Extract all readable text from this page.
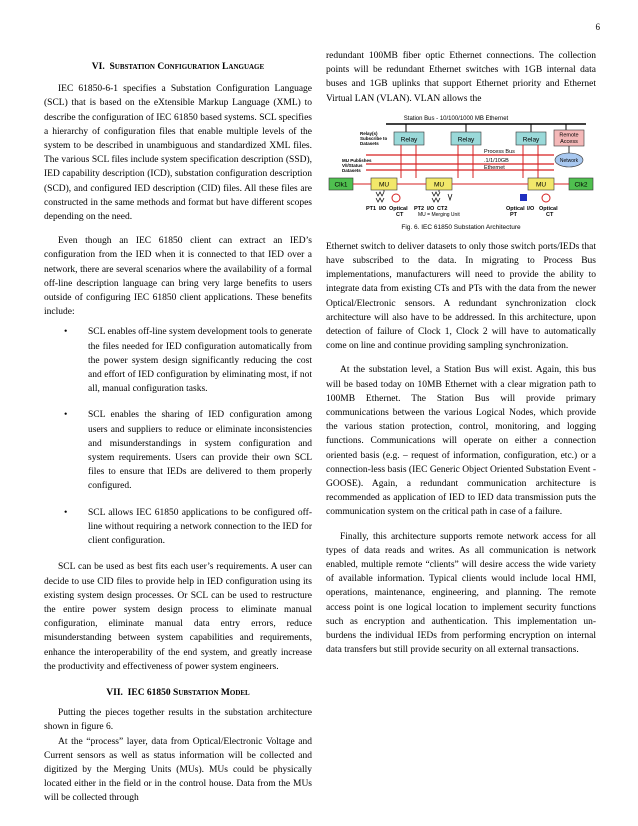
6
VI. Substation Configuration Language

IEC 61850-6-1 specifies a Substation Configuration Language (SCL) that is based on the eXtensible Markup Language (XML) to describe the configuration of IEC 61850 based systems. SCL specifies a hierarchy of configuration files that enable multiple levels of the system to be described in unambiguous and standardized XML files. The various SCL files include system specification description (SSD), IED capability description (ICD), substation configuration description (SCD), and configured IED description (CID) files. All these files are constructed in the same methods and format but have different scopes depending on the need.

Even though an IEC 61850 client can extract an IED’s configuration from the IED when it is connected to that IED over a network, there are several scenarios where the availability of a formal off-line description language can bring very large benefits to users outside of configuring IEC 61850 client applications. These benefits include:

• SCL enables off-line system development tools to generate the files needed for IED configuration automatically from the power system design significantly reducing the cost and effort of IED configuration by eliminating most, if not all, manual configuration tasks.
• SCL enables the sharing of IED configuration among users and suppliers to reduce or eliminate inconsistencies and misunderstandings in system configuration and system requirements. Users can provide their own SCL files to ensure that IEDs are delivered to them properly configured.
• SCL allows IEC 61850 applications to be configured off-line without requiring a network connection to the IED for client configuration.

SCL can be used as best fits each user’s requirements. A user can decide to use CID files to provide help in IED configuration using its existing system design processes. Or SCL can be used to restructure the entire power system design process to eliminate manual configuration, eliminate manual data entry errors, reduce misunderstanding between system capabilities and requirements, enhance the interoperability of the end system, and greatly increase the productivity and effectiveness of power system engineers.

VII. IEC 61850 Substation Model

Putting the pieces together results in the substation architecture shown in figure 6.

At the “process” layer, data from Optical/Electronic Voltage and Current sensors as well as status information will be collected and digitized by the Merging Units (MUs). MUs could be physically located either in the field or in the control house. Data from the MUs will be collected through

redundant 100MB fiber optic Ethernet connections. The collection points will be redundant Ethernet switches with 1GB internal data buses and 1GB uplinks that support Ethernet priority and Ethernet Virtual LAN (VLAN). VLAN allows the

Station Bus - 10/100/1000 MB Ethernet
Relay	Relay	Relay
Remote
Access
Relay(s)
Subscribe to
Datasets
MU Publishes
V/I/Status
Datasets
Network
Process Bus
.1/1/10GB
Ethernet
Clk1	MU	MU	MU	Clk2
PT1 I/O Optical
CT
PT2 I/O CT2
MU = Merging Unit
Optical
PT
I/O Optical
CT
Fig. 6. IEC 61850 Substation Architecture

Ethernet switch to deliver datasets to only those switch ports/IEDs that have subscribed to the data. In migrating to Process Bus implementations, manufacturers will need to provide the ability to integrate data from existing CTs and PTs with the data from the newer Optical/Electronic sensors. A redundant synchronization clock architecture will also have to be addressed. In this architecture, upon detection of failure of Clock 1, Clock 2 will have to automatically come on line and continue providing sampling synchronization.

At the substation level, a Station Bus will exist. Again, this bus will be based today on 10MB Ethernet with a clear migration path to 100MB Ethernet. The Station Bus will provide primary communications between the various Logical Nodes, which provide the various station protection, control, monitoring, and logging functions. Communications will operate on either a connection oriented basis (e.g. – request of information, configuration, etc.) or a connection-less basis (IEC Generic Object Oriented Substation Event - GOOSE). Again, a redundant communication architecture is recommended as application of IED to IED data transmission puts the communication system on the critical path in case of a failure.

Finally, this architecture supports remote network access for all types of data reads and writes. As all communication is network enabled, multiple remote “clients” will desire access the wide variety of available information. Typical clients would include local HMI, operations, maintenance, engineering, and planning. The remote access point is one logical location to implement security functions such as encryption and authentication. This implementation un-burdens the individual IEDs from performing encryption on internal data transfers but still provide security on all external transactions.
